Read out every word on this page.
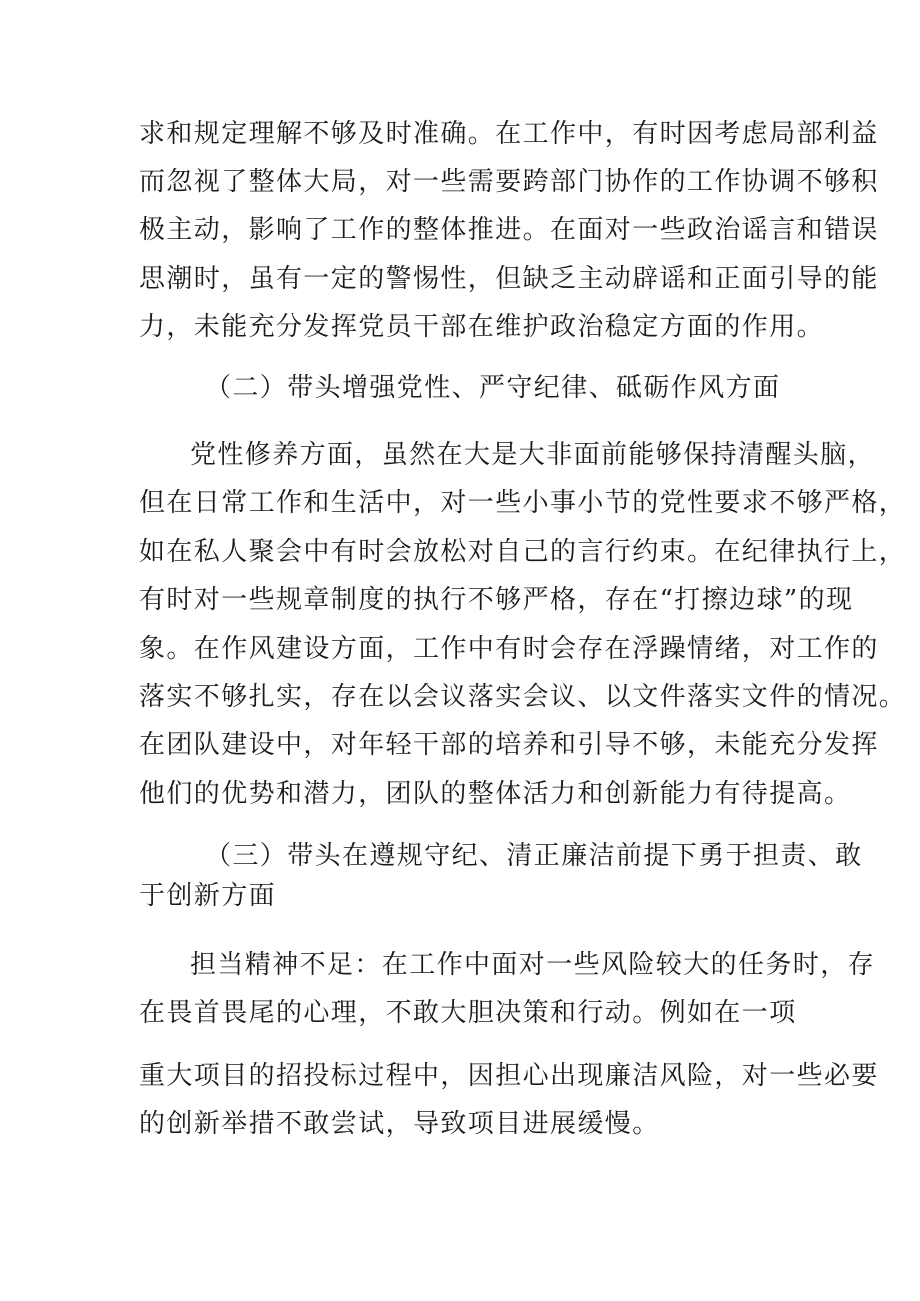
求和规定理解不够及时准确。在工作中，有时因考虑局部利益
而忽视了整体大局，对一些需要跨部门协作的工作协调不够积
极主动，影响了工作的整体推进。在面对一些政治谣言和错误
思潮时，虽有一定的警惕性，但缺乏主动辟谣和正面引导的能
力，未能充分发挥党员干部在维护政治稳定方面的作用。
（二）带头增强党性、严守纪律、砥砺作风方面
党性修养方面，虽然在大是大非面前能够保持清醒头脑，
但在日常工作和生活中，对一些小事小节的党性要求不够严格，
如在私人聚会中有时会放松对自己的言行约束。在纪律执行上，
有时对一些规章制度的执行不够严格，存在“打擦边球”的现
象。在作风建设方面，工作中有时会存在浮躁情绪，对工作的
落实不够扎实，存在以会议落实会议、以文件落实文件的情况。
在团队建设中，对年轻干部的培养和引导不够，未能充分发挥
他们的优势和潜力，团队的整体活力和创新能力有待提高。
（三）带头在遵规守纪、清正廉洁前提下勇于担责、敢
于创新方面
担当精神不足：在工作中面对一些风险较大的任务时，存
在畏首畏尾的心理，不敢大胆决策和行动。例如在一项
重大项目的招投标过程中，因担心出现廉洁风险，对一些必要
的创新举措不敢尝试，导致项目进展缓慢。
